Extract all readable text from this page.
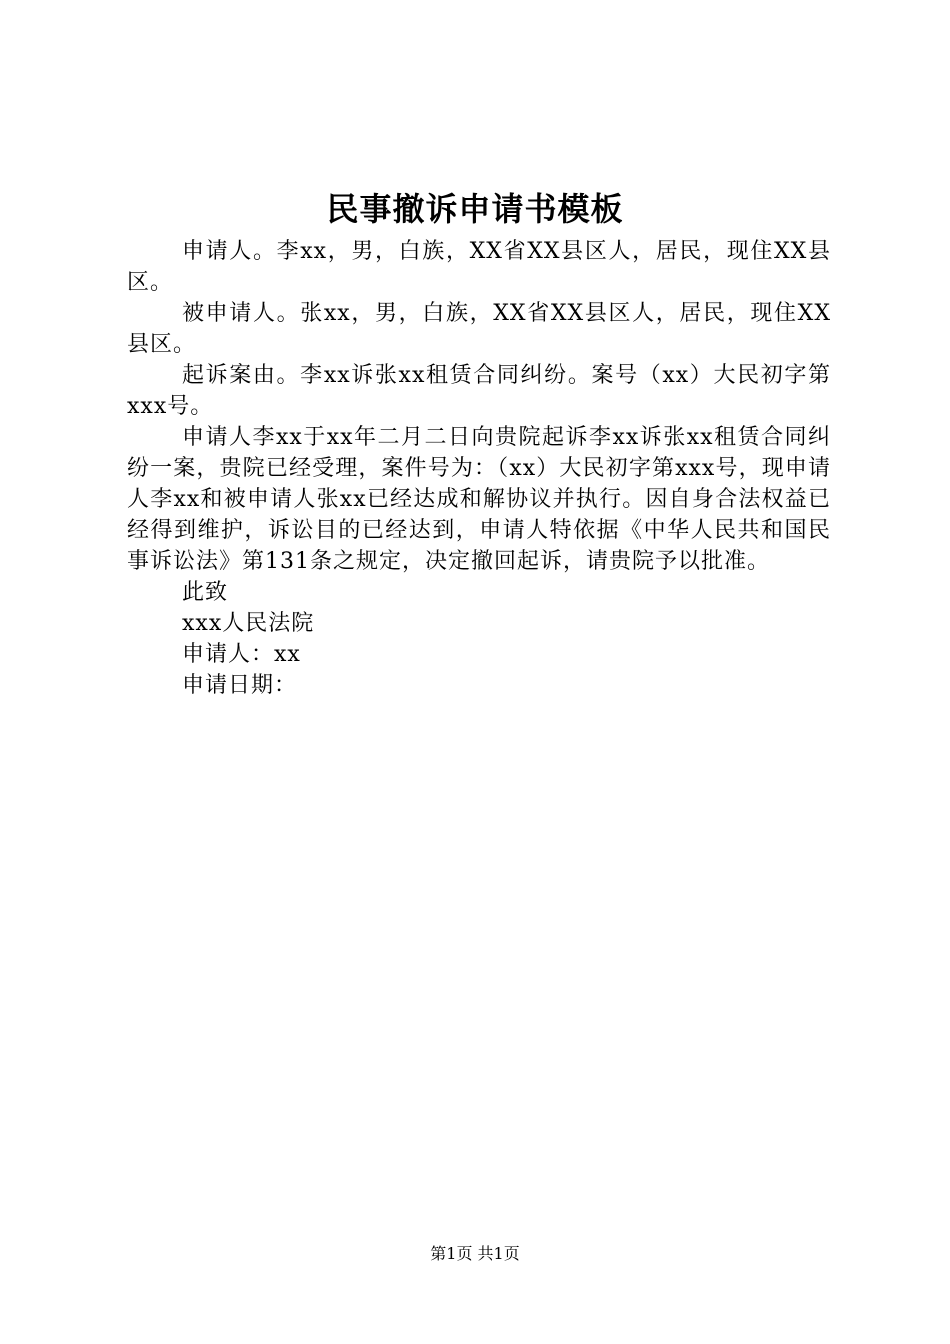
民事撤诉申请书模板

申请人。李xx，男，白族，XX省XX县区人，居民，现住XX县区。

被申请人。张xx，男，白族，XX省XX县区人，居民，现住XX县区。

起诉案由。李xx诉张xx租赁合同纠纷。案号（xx）大民初字第xxx号。

申请人李xx于xx年二月二日向贵院起诉李xx诉张xx租赁合同纠纷一案，贵院已经受理，案件号为：（xx）大民初字第xxx号，现申请人李xx和被申请人张xx已经达成和解协议并执行。因自身合法权益已经得到维护，诉讼目的已经达到，申请人特依据《中华人民共和国民事诉讼法》第131条之规定，决定撤回起诉，请贵院予以批准。

此致

xxx人民法院

申请人：xx

申请日期：

第1页 共1页
